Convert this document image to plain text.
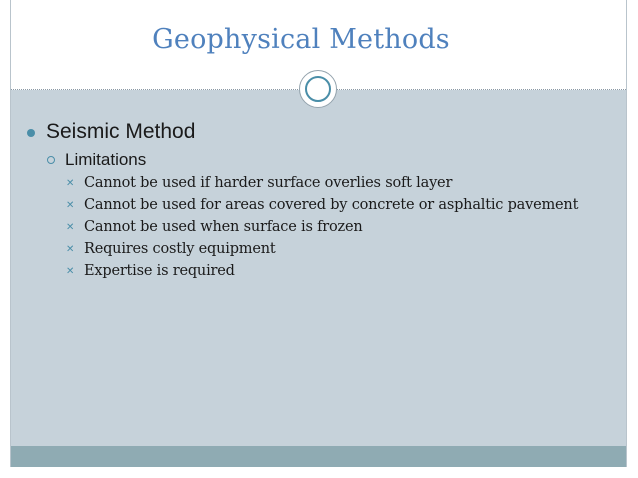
Geophysical Methods
Seismic Method
Limitations
✕ Cannot be used if harder surface overlies soft layer
✕ Cannot be used for areas covered by concrete or asphaltic pavement
✕ Cannot be used when surface is frozen
✕ Requires costly equipment
✕ Expertise is required
